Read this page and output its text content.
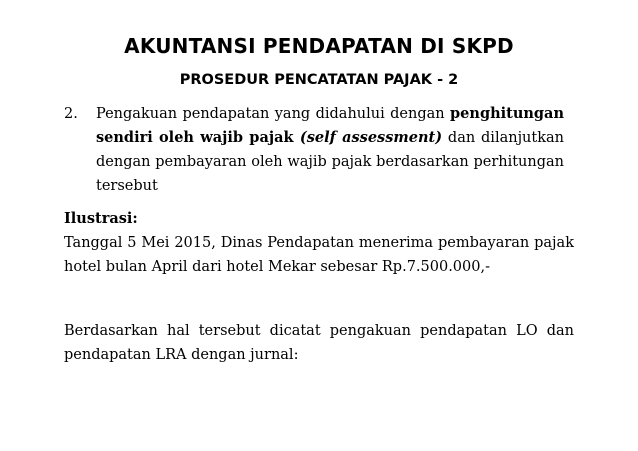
AKUNTANSI PENDAPATAN DI SKPD
PROSEDUR PENCATATAN PAJAK - 2
2. Pengakuan pendapatan yang didahului dengan penghitungan sendiri oleh wajib pajak (self assessment) dan dilanjutkan dengan pembayaran oleh wajib pajak berdasarkan perhitungan tersebut
Ilustrasi:
Tanggal 5 Mei 2015, Dinas Pendapatan menerima pembayaran pajak hotel bulan April dari hotel Mekar sebesar Rp.7.500.000,-
Berdasarkan hal tersebut dicatat pengakuan pendapatan LO dan pendapatan LRA dengan jurnal:
